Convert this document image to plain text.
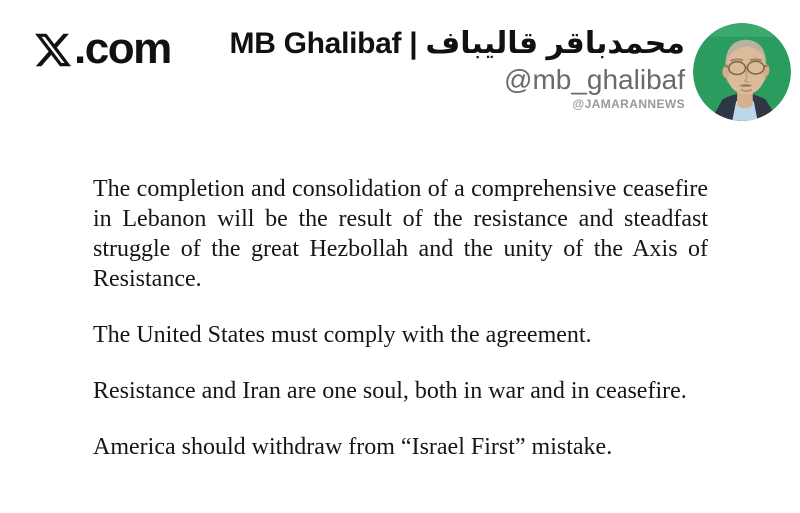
.com MB Ghalibaf | محمدباقر قالیباف
@mb_ghalibaf
@JAMARANNEWS

The completion and consolidation of a comprehensive ceasefire in Lebanon will be the result of the resistance and steadfast struggle of the great Hezbollah and the unity of the Axis of Resistance.

The United States must comply with the agreement.

Resistance and Iran are one soul, both in war and in ceasefire.

America should withdraw from “Israel First” mistake.
